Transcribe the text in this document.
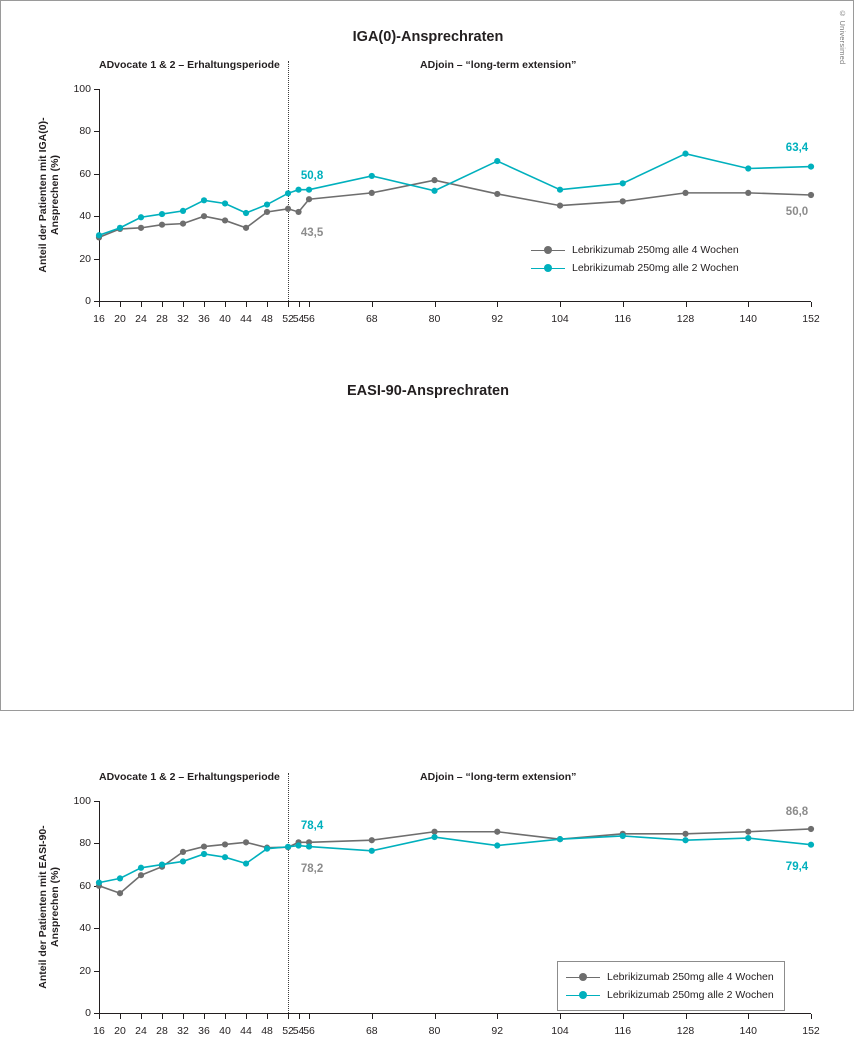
© Universimed
IGA(0)-Ansprechraten
Anteil der Patienten mit IGA(0)-
Ansprechen (%)
0
20
40
60
80
100
16 20 24 28 32 36 40 44 48 52
54
56	68	80	92	104	116	128	140	152
ADvocate 1 & 2 – Erhaltungsperiode	ADjoin – “long-term extension”
50,8
43,5
63,4
50,0
Lebrikizumab 250mg alle 4 Wochen
Lebrikizumab 250mg alle 2 Wochen
EASI-90-Ansprechraten
Anteil der Patienten mit EASI-90-
Ansprechen (%)
0
20
40
60
80
100
16 20 24 28 32 36 40 44 48 52
54
56	68	80	92	104	116	128	140	152
ADvocate 1 & 2 – Erhaltungsperiode	ADjoin – “long-term extension”
78,4
78,2
86,8
79,4
Lebrikizumab 250mg alle 4 Wochen
Lebrikizumab 250mg alle 2 Wochen
